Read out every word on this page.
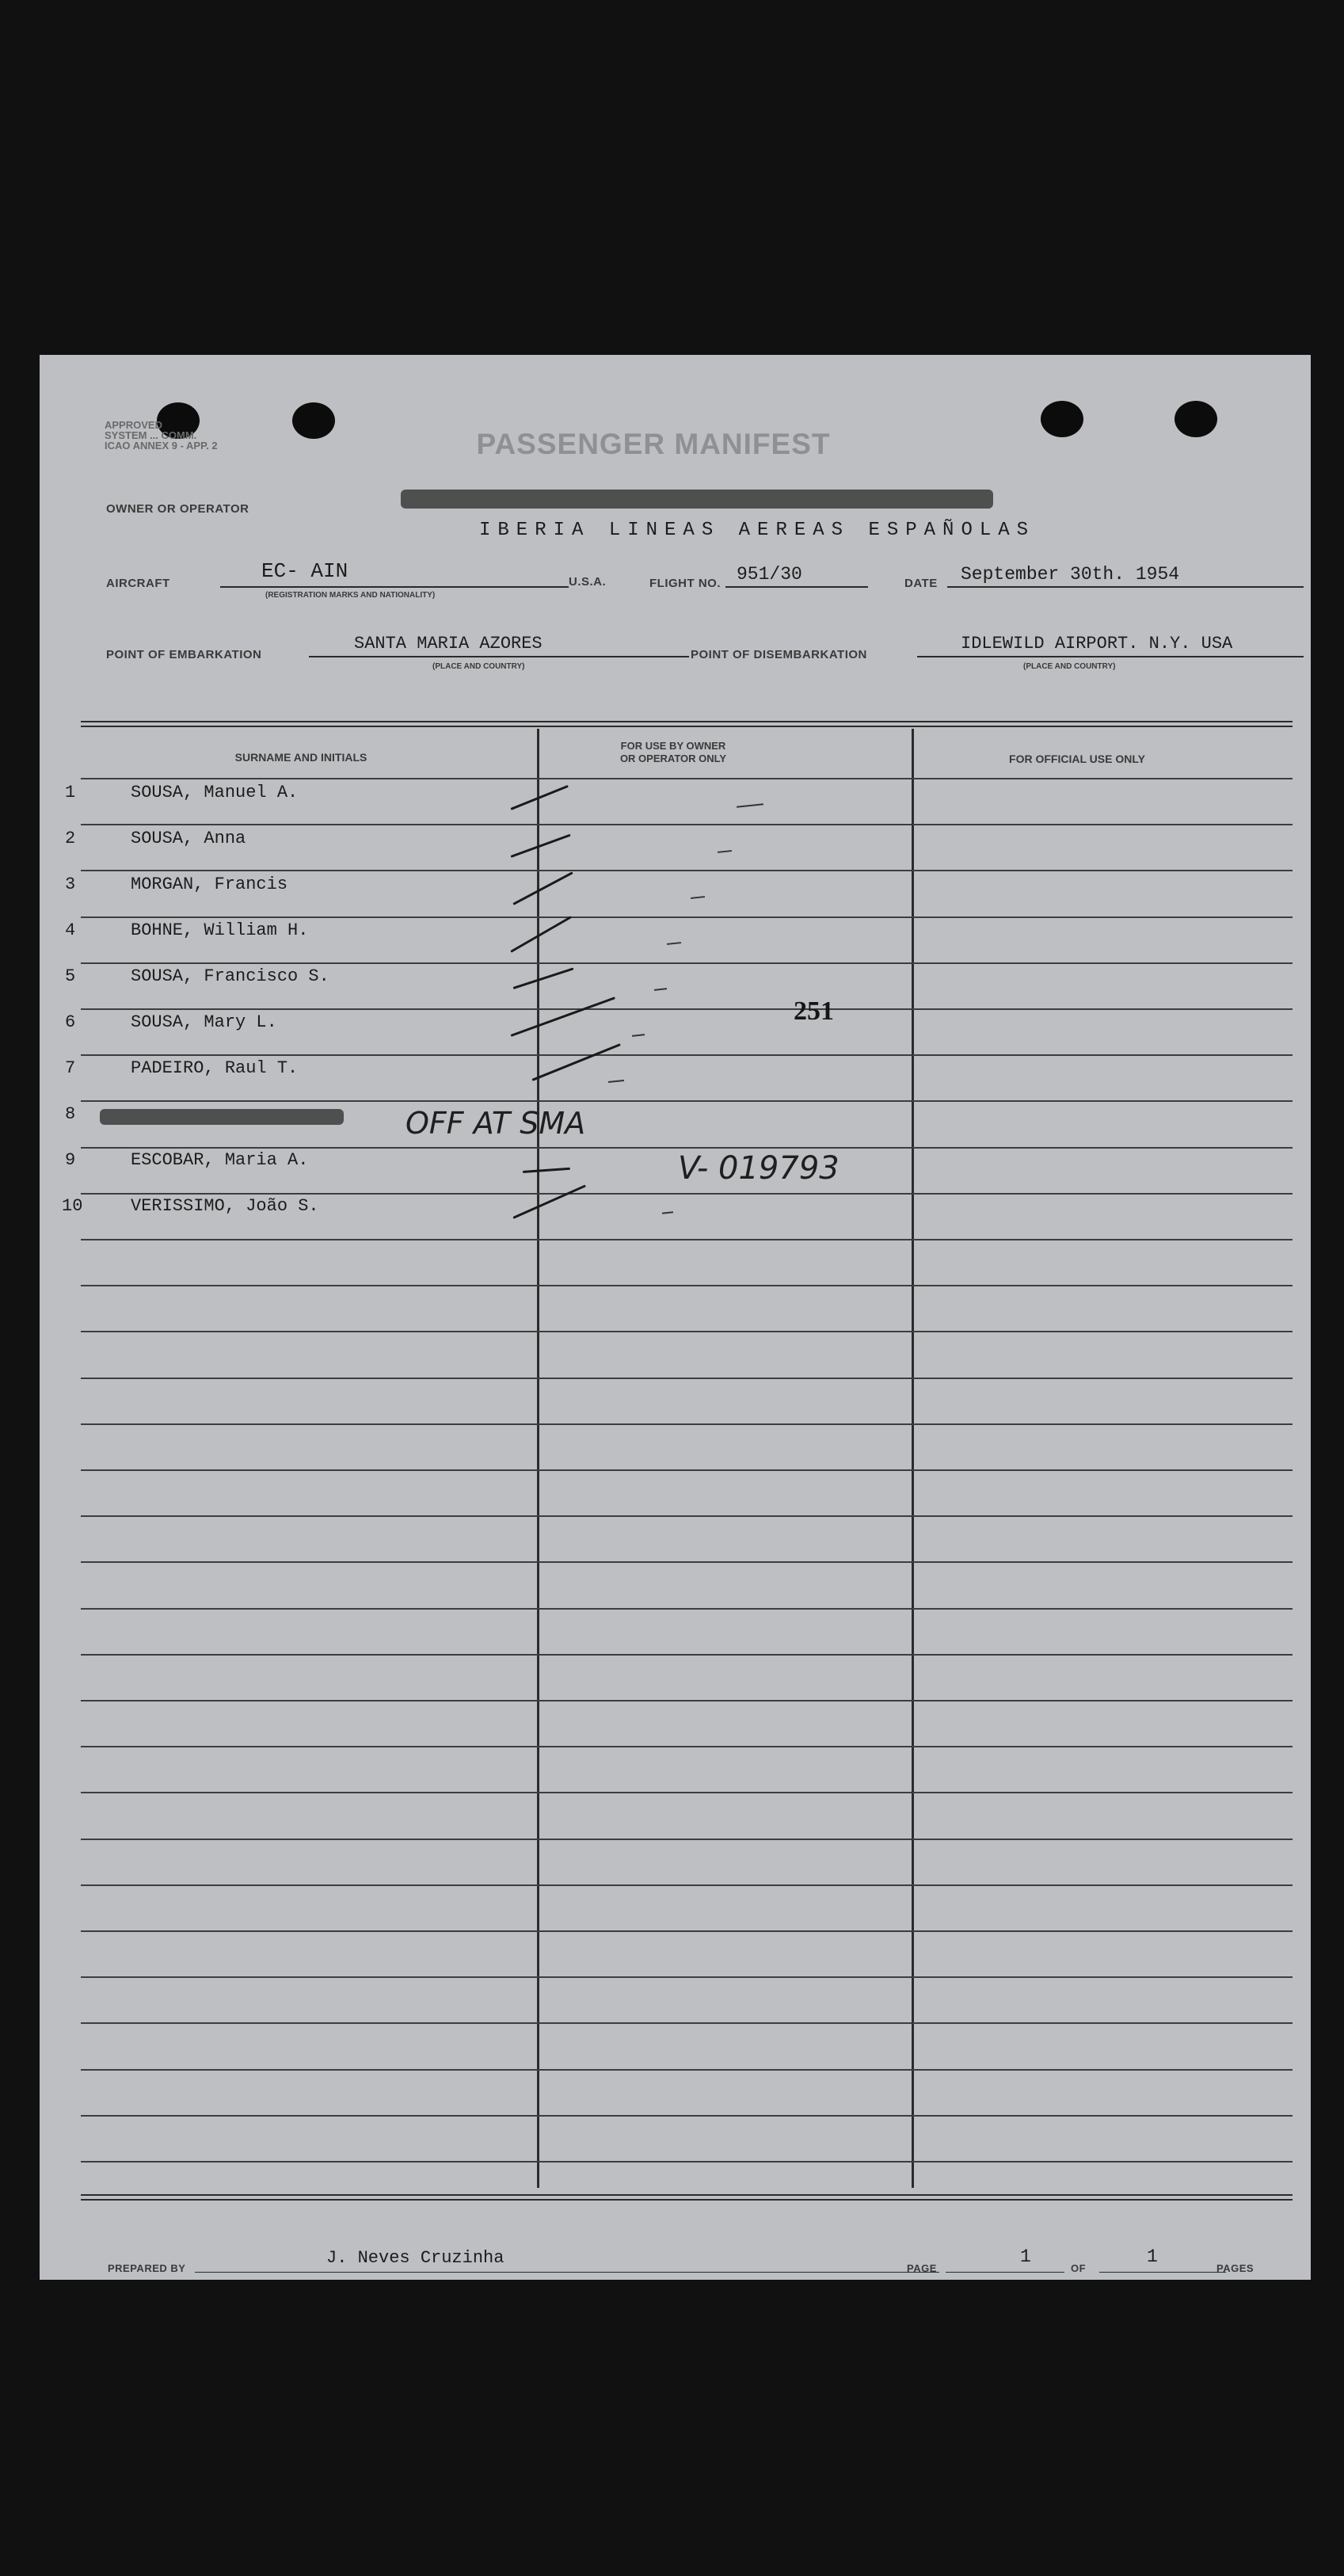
APPROVED
SYSTEM ... COMM.
ICAO ANNEX 9 - APP. 2	PASSENGER MANIFEST
OWNER OR OPERATOR
IBERIA LINEAS AEREAS ESPAÑOLAS
AIRCRAFT
EC- AIN
(REGISTRATION MARKS AND NATIONALITY)
U.S.A.	FLIGHT NO. 951/30	DATE September 30th. 1954
POINT OF EMBARKATION
SANTA MARIA AZORES
(PLACE AND COUNTRY)
POINT OF DISEMBARKATION
IDLEWILD AIRPORT. N.Y. USA
(PLACE AND COUNTRY)
SURNAME AND INITIALS
FOR USE BY OWNER
OR OPERATOR ONLY	FOR OFFICIAL USE ONLY
1	SOUSA, Manuel A.
2	SOUSA, Anna
3	MORGAN, Francis
4	BOHNE, William H.
5	SOUSA, Francisco S.
6	SOUSA, Mary L.
7	PADEIRO, Raul T.
8
9	ESCOBAR, Maria A.
10	VERISSIMO, João S.
251
OFF AT SMA
V- 019793
PREPARED BY
J. Neves Cruzinha
PAGE
1
OF
1
PAGES
